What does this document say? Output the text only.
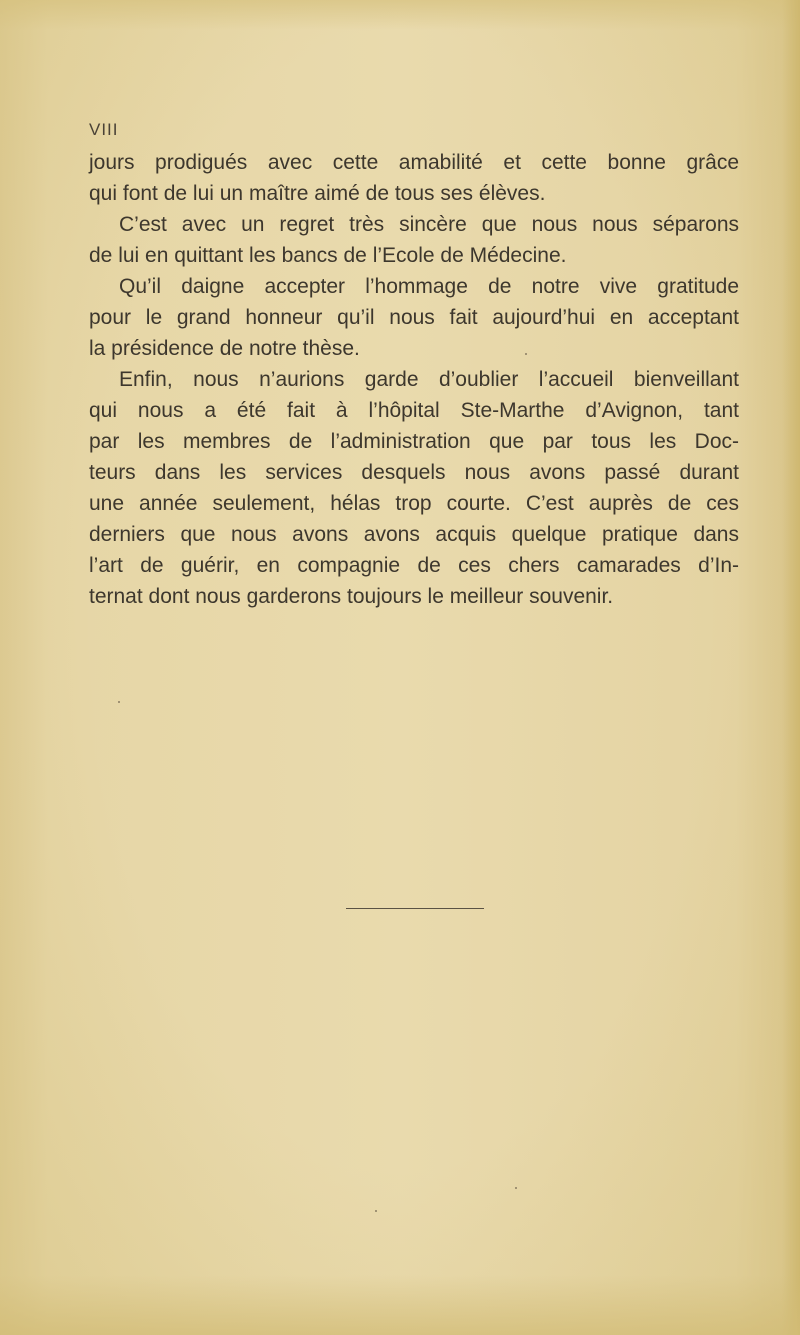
VIII
jours prodigués avec cette amabilité et cette bonne grâce
qui font de lui un maître aimé de tous ses élèves.
C’est avec un regret très sincère que nous nous séparons
de lui en quittant les bancs de l’Ecole de Médecine.
Qu’il daigne accepter l’hommage de notre vive gratitude
pour le grand honneur qu’il nous fait aujourd’hui en acceptant
la présidence de notre thèse.
Enfin, nous n’aurions garde d’oublier l’accueil bienveillant
qui nous a été fait à l’hôpital Ste-Marthe d’Avignon, tant
par les membres de l’administration que par tous les Doc-
teurs dans les services desquels nous avons passé durant
une année seulement, hélas trop courte. C’est auprès de ces
derniers que nous avons avons acquis quelque pratique dans
l’art de guérir, en compagnie de ces chers camarades d’In-
ternat dont nous garderons toujours le meilleur souvenir.
